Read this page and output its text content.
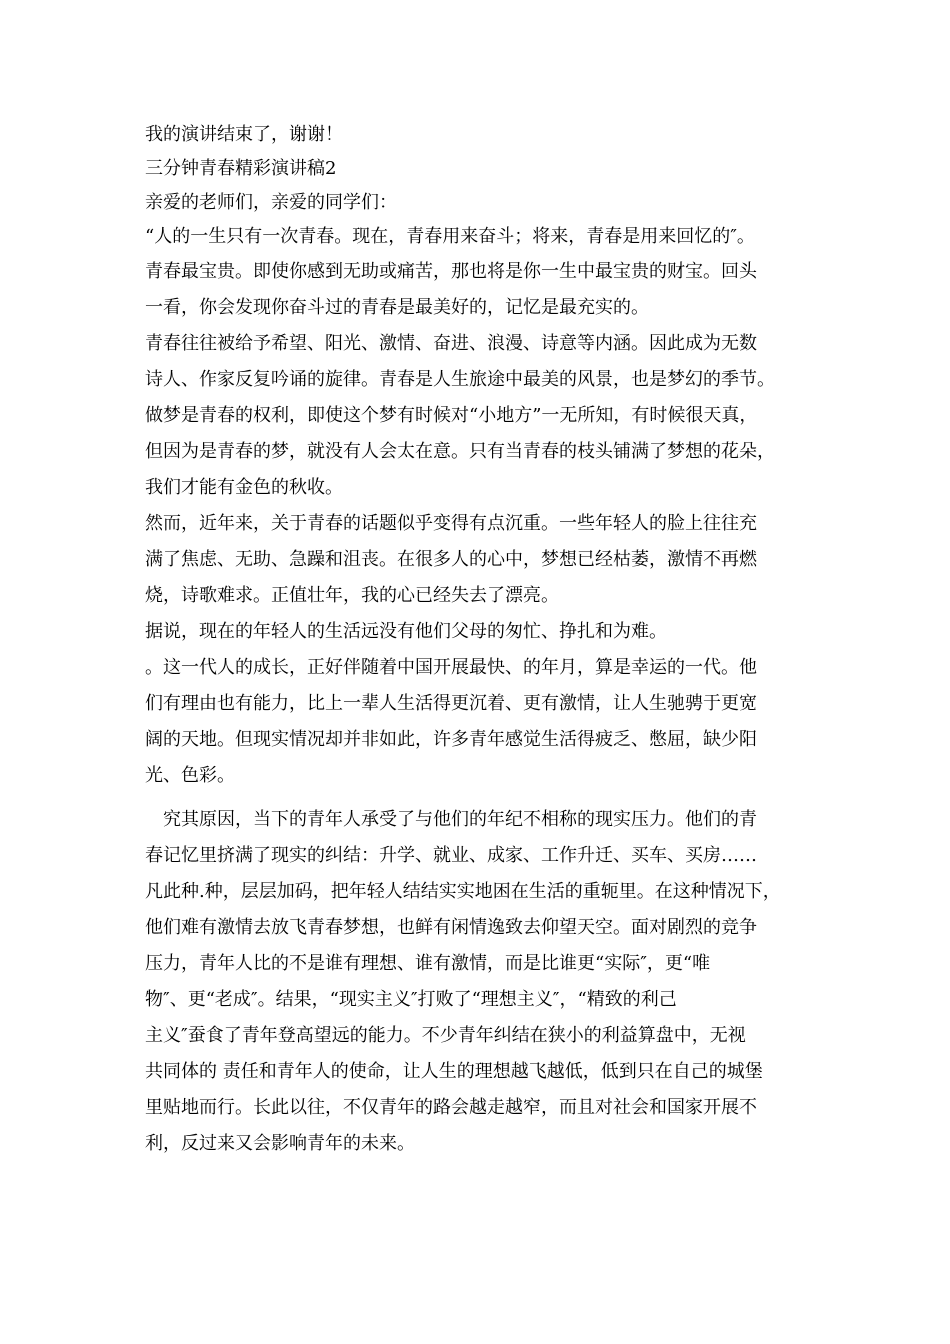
我的演讲结束了，谢谢！
三分钟青春精彩演讲稿2
亲爱的老师们，亲爱的同学们：
“人的一生只有一次青春。现在，青春用来奋斗；将来，青春是用来回忆的″。
青春最宝贵。即使你感到无助或痛苦，那也将是你一生中最宝贵的财宝。回头
一看，你会发现你奋斗过的青春是最美好的，记忆是最充实的。
青春往往被给予希望、阳光、激情、奋进、浪漫、诗意等内涵。因此成为无数
诗人、作家反复吟诵的旋律。青春是人生旅途中最美的风景，也是梦幻的季节。
做梦是青春的权利，即使这个梦有时候对“小地方”一无所知，有时候很天真，
但因为是青春的梦，就没有人会太在意。只有当青春的枝头铺满了梦想的花朵，
我们才能有金色的秋收。
然而，近年来，关于青春的话题似乎变得有点沉重。一些年轻人的脸上往往充
满了焦虑、无助、急躁和沮丧。在很多人的心中，梦想已经枯萎，激情不再燃
烧，诗歌难求。正值壮年，我的心已经失去了漂亮。
据说，现在的年轻人的生活远没有他们父母的匆忙、挣扎和为难。
。这一代人的成长，正好伴随着中国开展最快、的年月，算是幸运的一代。他
们有理由也有能力，比上一辈人生活得更沉着、更有激情，让人生驰骋于更宽
阔的天地。但现实情况却并非如此，许多青年感觉生活得疲乏、憋屈，缺少阳
光、色彩。
　究其原因，当下的青年人承受了与他们的年纪不相称的现实压力。他们的青
春记忆里挤满了现实的纠结：升学、就业、成家、工作升迁、买车、买房……
凡此种.种，层层加码，把年轻人结结实实地困在生活的重轭里。在这种情况下，
他们难有激情去放飞青春梦想，也鲜有闲情逸致去仰望天空。面对剧烈的竞争
压力，青年人比的不是谁有理想、谁有激情，而是比谁更“实际″，更“唯
物″、更“老成″。结果，“现实主义″打败了“理想主义″，“精致的利己
主义″蚕食了青年登高望远的能力。不少青年纠结在狭小的利益算盘中，无视
共同体的 责任和青年人的使命，让人生的理想越飞越低，低到只在自己的城堡
里贴地而行。长此以往，不仅青年的路会越走越窄，而且对社会和国家开展不
利，反过来又会影响青年的未来。
